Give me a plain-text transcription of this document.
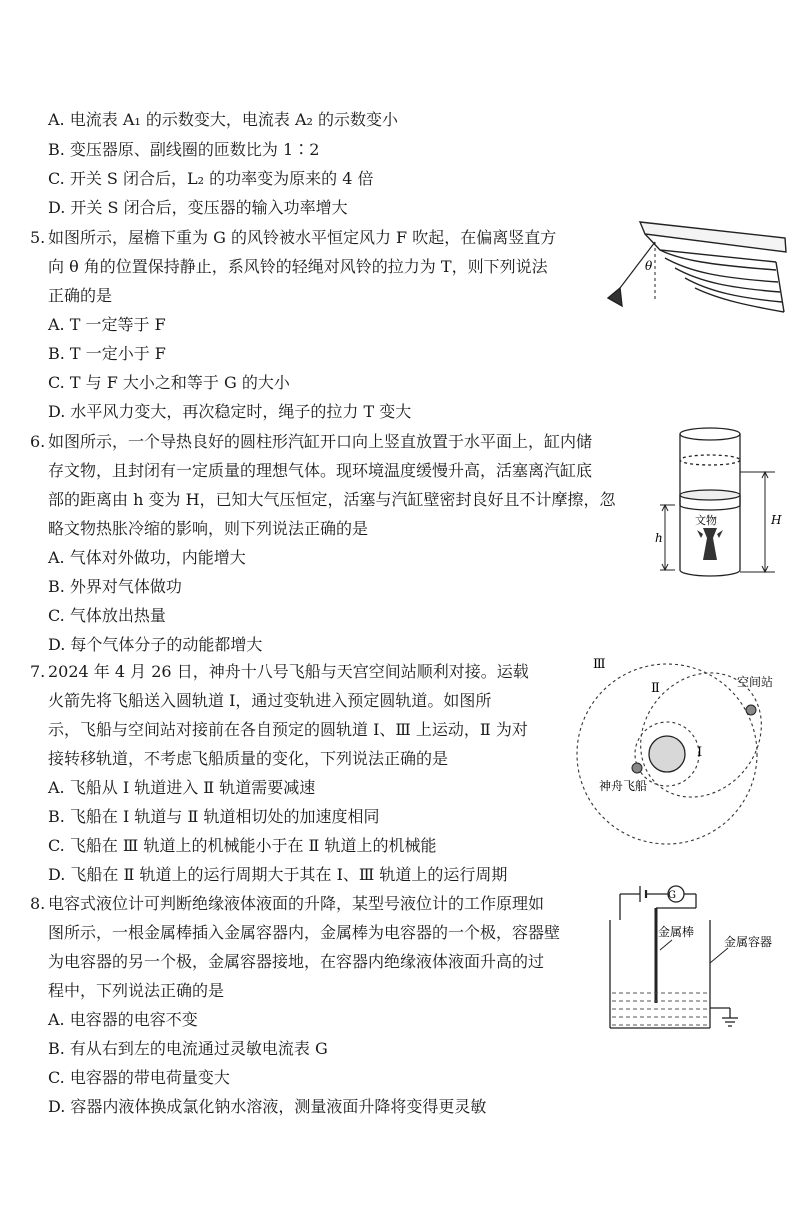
A. 电流表 A₁ 的示数变大，电流表 A₂ 的示数变小
B. 变压器原、副线圈的匝数比为 1∶2
C. 开关 S 闭合后，L₂ 的功率变为原来的 4 倍
D. 开关 S 闭合后，变压器的输入功率增大
5. 如图所示，屋檐下重为 G 的风铃被水平恒定风力 F 吹起，在偏离竖直方
向 θ 角的位置保持静止，系风铃的轻绳对风铃的拉力为 T，则下列说法
正确的是
A. T 一定等于 F
B. T 一定小于 F
C. T 与 F 大小之和等于 G 的大小
D. 水平风力变大，再次稳定时，绳子的拉力 T 变大
θ
6. 如图所示，一个导热良好的圆柱形汽缸开口向上竖直放置于水平面上，缸内储
存文物，且封闭有一定质量的理想气体。现环境温度缓慢升高，活塞离汽缸底
部的距离由 h 变为 H，已知大气压恒定，活塞与汽缸壁密封良好且不计摩擦，忽
略文物热胀冷缩的影响，则下列说法正确的是
A. 气体对外做功，内能增大
B. 外界对气体做功
C. 气体放出热量
D. 每个气体分子的动能都增大
文物
h
H
7. 2024 年 4 月 26 日，神舟十八号飞船与天宫空间站顺利对接。运载
火箭先将飞船送入圆轨道 Ⅰ，通过变轨进入预定圆轨道。如图所
示，飞船与空间站对接前在各自预定的圆轨道 Ⅰ、Ⅲ 上运动，Ⅱ 为对
接转移轨道，不考虑飞船质量的变化，下列说法正确的是
A. 飞船从 Ⅰ 轨道进入 Ⅱ 轨道需要减速
B. 飞船在 Ⅰ 轨道与 Ⅱ 轨道相切处的加速度相同
C. 飞船在 Ⅲ 轨道上的机械能小于在 Ⅱ 轨道上的机械能
D. 飞船在 Ⅱ 轨道上的运行周期大于其在 Ⅰ、Ⅲ 轨道上的运行周期
Ⅲ
Ⅱ
Ⅰ
空间站
神舟飞船
8. 电容式液位计可判断绝缘液体液面的升降，某型号液位计的工作原理如
图所示，一根金属棒插入金属容器内，金属棒为电容器的一个极，容器壁
为电容器的另一个极，金属容器接地，在容器内绝缘液体液面升高的过
程中，下列说法正确的是
A. 电容器的电容不变
B. 有从右到左的电流通过灵敏电流表 G
C. 电容器的带电荷量变大
D. 容器内液体换成氯化钠水溶液，测量液面升降将变得更灵敏
G
金属棒
金属容器
